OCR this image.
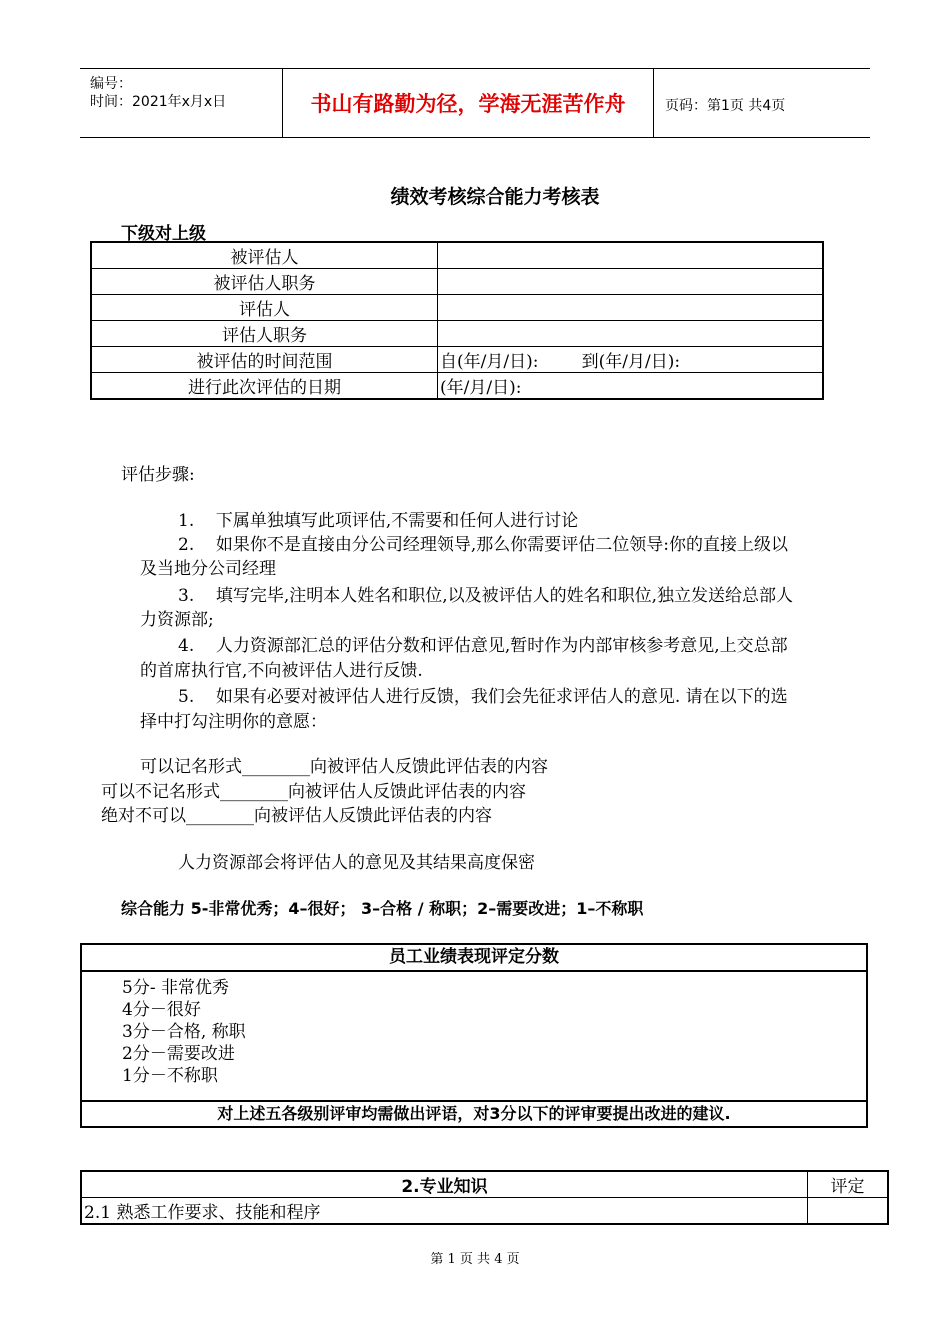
编号：
时间：2021年x月x日	书山有路勤为径，学海无涯苦作舟	页码：第1页 共4页
绩效考核综合能力考核表
下级对上级
被评估人	
被评估人职务	
评估人	
评估人职务	
被评估的时间范围	自(年/月/日):        到(年/月/日):
进行此次评估的日期	(年/月/日):
评估步骤:
1.    下属单独填写此项评估,不需要和任何人进行讨论
2.    如果你不是直接由分公司经理领导,那么你需要评估二位领导:你的直接上级以
及当地分公司经理
3.    填写完毕,注明本人姓名和职位,以及被评估人的姓名和职位,独立发送给总部人
力资源部;
4.    人力资源部汇总的评估分数和评估意见,暂时作为内部审核参考意见,上交总部
的首席执行官,不向被评估人进行反馈.
5.    如果有必要对被评估人进行反馈，我们会先征求评估人的意见. 请在以下的选
择中打勾注明你的意愿：
可以记名形式________向被评估人反馈此评估表的内容
可以不记名形式________向被评估人反馈此评估表的内容
绝对不可以________向被评估人反馈此评估表的内容
人力资源部会将评估人的意见及其结果高度保密
综合能力 5-非常优秀；4–很好； 3–合格 / 称职；2–需要改进；1–不称职
员工业绩表现评定分数
5分- 非常优秀
4分－很好
3分－合格, 称职
2分－需要改进
1分－不称职
对上述五各级别评审均需做出评语，对3分以下的评审要提出改进的建议.
2.专业知识	评定
2.1 熟悉工作要求、技能和程序	
第 1 页 共 4 页
